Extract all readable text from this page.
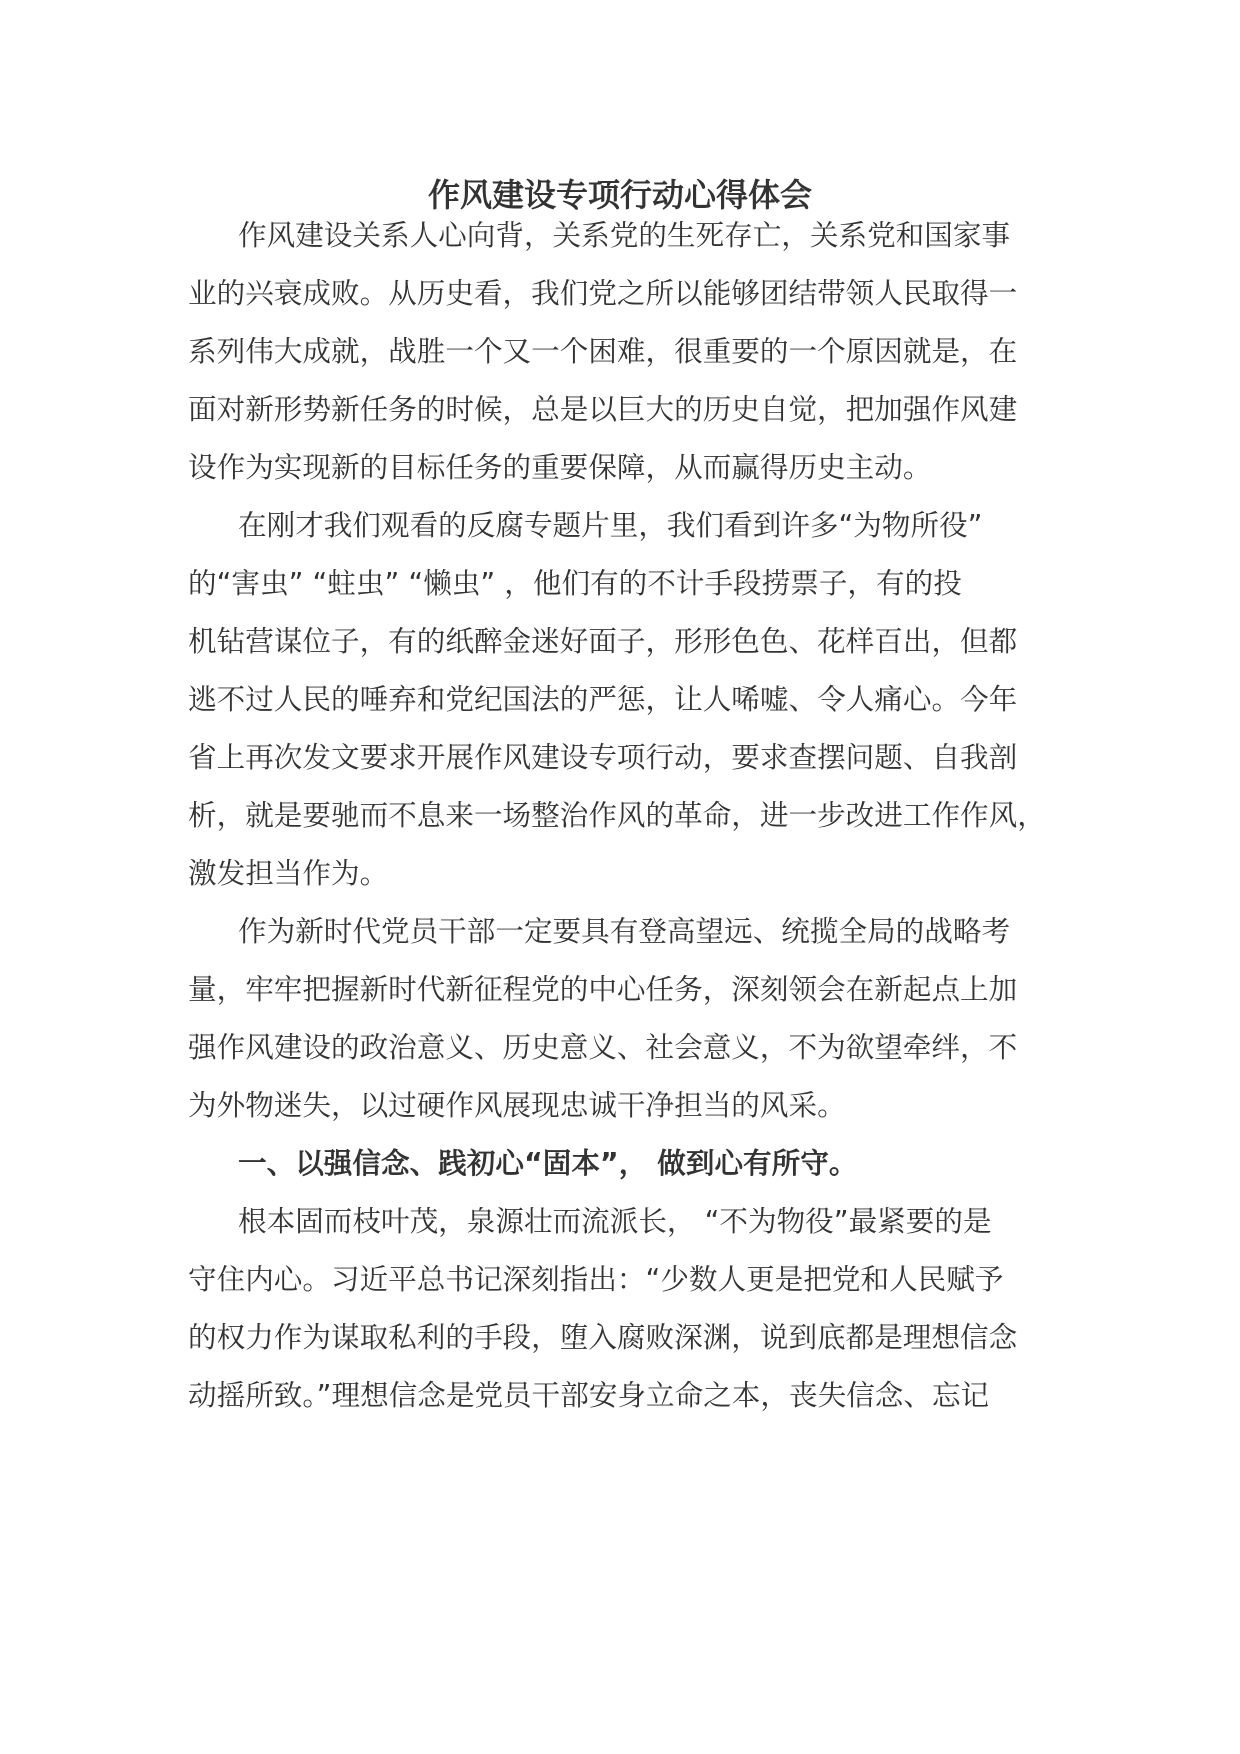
作风建设专项行动心得体会
作风建设关系人心向背，关系党的生死存亡，关系党和国家事
业的兴衰成败。从历史看，我们党之所以能够团结带领人民取得一
系列伟大成就，战胜一个又一个困难，很重要的一个原因就是，在
面对新形势新任务的时候，总是以巨大的历史自觉，把加强作风建
设作为实现新的目标任务的重要保障，从而赢得历史主动。
在刚才我们观看的反腐专题片里，我们看到许多“为物所役”
的“害虫” “蛀虫” “懒虫” ，他们有的不计手段捞票子，有的投
机钻营谋位子，有的纸醉金迷好面子，形形色色、花样百出，但都
逃不过人民的唾弃和党纪国法的严惩，让人唏嘘、令人痛心。今年
省上再次发文要求开展作风建设专项行动，要求查摆问题、自我剖
析，就是要驰而不息来一场整治作风的革命，进一步改进工作作风，
激发担当作为。
作为新时代党员干部一定要具有登高望远、统揽全局的战略考
量，牢牢把握新时代新征程党的中心任务，深刻领会在新起点上加
强作风建设的政治意义、历史意义、社会意义，不为欲望牵绊，不
为外物迷失，以过硬作风展现忠诚干净担当的风采。
一、以强信念、践初心“固本”， 做到心有所守。
根本固而枝叶茂，泉源壮而流派长， “不为物役”最紧要的是
守住内心。习近平总书记深刻指出：“少数人更是把党和人民赋予
的权力作为谋取私利的手段，堕入腐败深渊，说到底都是理想信念
动摇所致。”理想信念是党员干部安身立命之本，丧失信念、忘记
